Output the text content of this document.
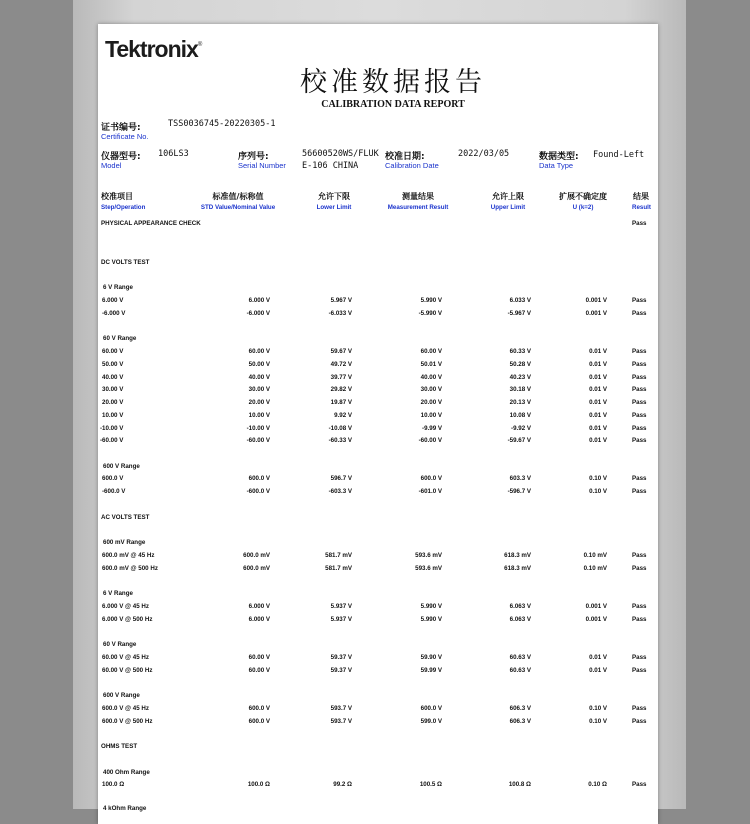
Tektronix®
校准数据报告
CALIBRATION DATA REPORT
证书编号:	TSS0036745-20220305-1
Certificate No.
仪器型号: 106LS3
Model
序列号:	56600520WS/FLUK
Serial Number E-106 CHINA
校准日期:	2022/03/05
Calibration Date
数据类型: Found-Left
Data Type
校准项目
Step/Operation
标准值/标称值
STD Value/Nominal Value
允许下限
Lower Limit
测量结果
Measurement Result
允许上限
Upper Limit
扩展不确定度
U (k=2)
结果
Result
PHYSICAL APPEARANCE CHECK	Pass
DC VOLTS TEST
6 V Range
6.000 V	6.000 V	5.967 V	5.990 V	6.033 V	0.001 V	Pass
-6.000 V	-6.000 V	-6.033 V	-5.990 V	-5.967 V	0.001 V	Pass
60 V Range
60.00 V	60.00 V	59.67 V	60.00 V	60.33 V	0.01 V	Pass
50.00 V	50.00 V	49.72 V	50.01 V	50.28 V	0.01 V	Pass
40.00 V	40.00 V	39.77 V	40.00 V	40.23 V	0.01 V	Pass
30.00 V	30.00 V	29.82 V	30.00 V	30.18 V	0.01 V	Pass
20.00 V	20.00 V	19.87 V	20.00 V	20.13 V	0.01 V	Pass
10.00 V	10.00 V	9.92 V	10.00 V	10.08 V	0.01 V	Pass
-10.00 V	-10.00 V	-10.08 V	-9.99 V	-9.92 V	0.01 V	Pass
-60.00 V	-60.00 V	-60.33 V	-60.00 V	-59.67 V	0.01 V	Pass
600 V Range
600.0 V	600.0 V	596.7 V	600.0 V	603.3 V	0.10 V	Pass
-600.0 V	-600.0 V	-603.3 V	-601.0 V	-596.7 V	0.10 V	Pass
AC VOLTS TEST
600 mV Range
600.0 mV @ 45 Hz	600.0 mV	581.7 mV	593.6 mV	618.3 mV	0.10 mV	Pass
600.0 mV @ 500 Hz	600.0 mV	581.7 mV	593.6 mV	618.3 mV	0.10 mV	Pass
6 V Range
6.000 V @ 45 Hz	6.000 V	5.937 V	5.990 V	6.063 V	0.001 V	Pass
6.000 V @ 500 Hz	6.000 V	5.937 V	5.990 V	6.063 V	0.001 V	Pass
60 V Range
60.00 V @ 45 Hz	60.00 V	59.37 V	59.90 V	60.63 V	0.01 V	Pass
60.00 V @ 500 Hz	60.00 V	59.37 V	59.99 V	60.63 V	0.01 V	Pass
600 V Range
600.0 V @ 45 Hz	600.0 V	593.7 V	600.0 V	606.3 V	0.10 V	Pass
600.0 V @ 500 Hz	600.0 V	593.7 V	599.0 V	606.3 V	0.10 V	Pass
OHMS TEST
400 Ohm Range
100.0 Ω	100.0 Ω	99.2 Ω	100.5 Ω	100.8 Ω	0.10 Ω	Pass
4 kOhm Range
